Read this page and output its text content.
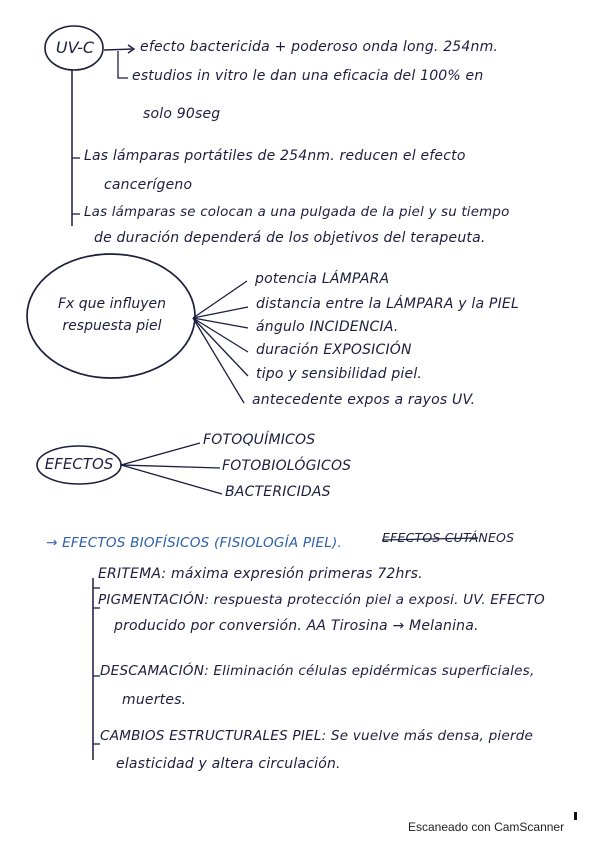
UV-C	efecto bactericida + poderoso onda long. 254nm.
estudios in vitro le dan una eficacia del 100% en
solo 90seg
Las lámparas portátiles de 254nm. reducen el efecto
cancerígeno
Las lámparas se colocan a una pulgada de la piel y su tiempo
de duración dependerá de los objetivos del terapeuta.
Fx que influyen
respuesta piel
potencia LÁMPARA
distancia entre la LÁMPARA y la PIEL
ángulo INCIDENCIA.
duración EXPOSICIÓN
tipo y sensibilidad piel.
antecedente expos a rayos UV.
EFECTOS
FOTOQUÍMICOS
FOTOBIOLÓGICOS
BACTERICIDAS
→ EFECTOS BIOFÍSICOS (FISIOLOGÍA PIEL).	EFECTOS CUTÁNEOS
ERITEMA: máxima expresión primeras 72hrs.
PIGMENTACIÓN: respuesta protección piel a exposi. UV. EFECTO
producido por conversión. AA Tirosina → Melanina.
DESCAMACIÓN: Eliminación células epidérmicas superficiales,
muertes.
CAMBIOS ESTRUCTURALES PIEL: Se vuelve más densa, pierde
elasticidad y altera circulación.
Escaneado con CamScanner
